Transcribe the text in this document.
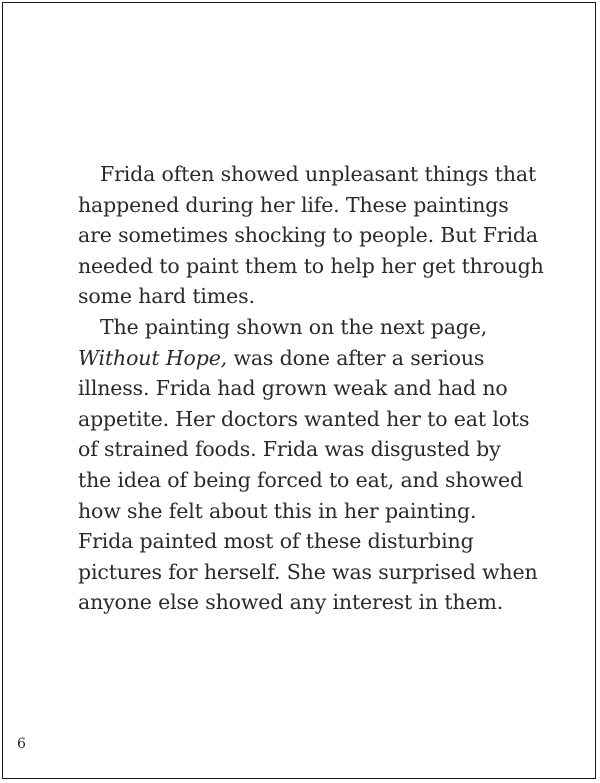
Frida often showed unpleasant things that
happened during her life. These paintings
are sometimes shocking to people. But Frida
needed to paint them to help her get through
some hard times.
The painting shown on the next page,
Without Hope, was done after a serious
illness. Frida had grown weak and had no
appetite. Her doctors wanted her to eat lots
of strained foods. Frida was disgusted by
the idea of being forced to eat, and showed
how she felt about this in her painting.
Frida painted most of these disturbing
pictures for herself. She was surprised when
anyone else showed any interest in them.
6
